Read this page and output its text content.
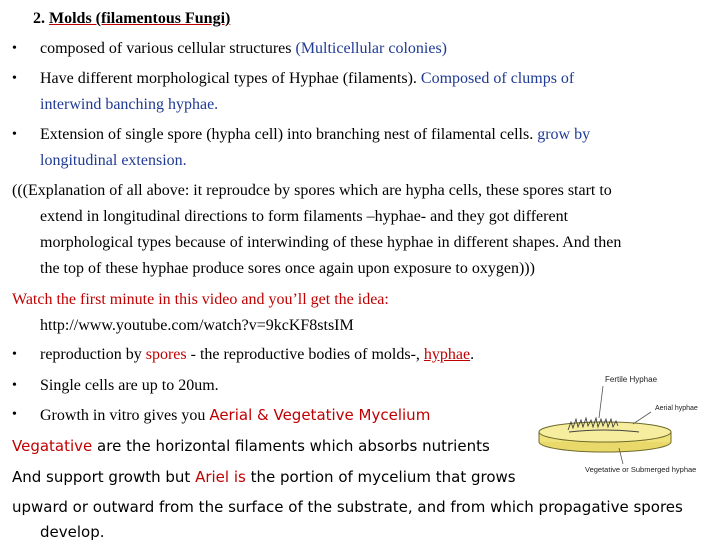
2. Molds (filamentous Fungi)
• composed of various cellular structures (Multicellular colonies)
• Have different morphological types of Hyphae (filaments). Composed of clumps of
interwind banching hyphae.
• Extension of single spore (hypha cell) into branching nest of filamental cells. grow by
longitudinal extension.
(((Explanation of all above: it reproudce by spores which are hypha cells, these spores start to
extend in longitudinal directions to form filaments –hyphae- and they got different
morphological types because of interwinding of these hyphae in different shapes. And then
the top of these hyphae produce sores once again upon exposure to oxygen)))
Watch the first minute in this video and you’ll get the idea:
http://www.youtube.com/watch?v=9kcKF8stsIM
• reproduction by spores - the reproductive bodies of molds-, hyphae.
• Single cells are up to 20um.
• Growth in vitro gives you Aerial & Vegetative Mycelium
Vegatative are the horizontal filaments which absorbs nutrients
And support growth but Ariel is the portion of mycelium that grows
upward or outward from the surface of the substrate, and from which propagative spores
develop.
Fertile Hyphae
Aerial hyphae
Vegetative or Submerged hyphae
